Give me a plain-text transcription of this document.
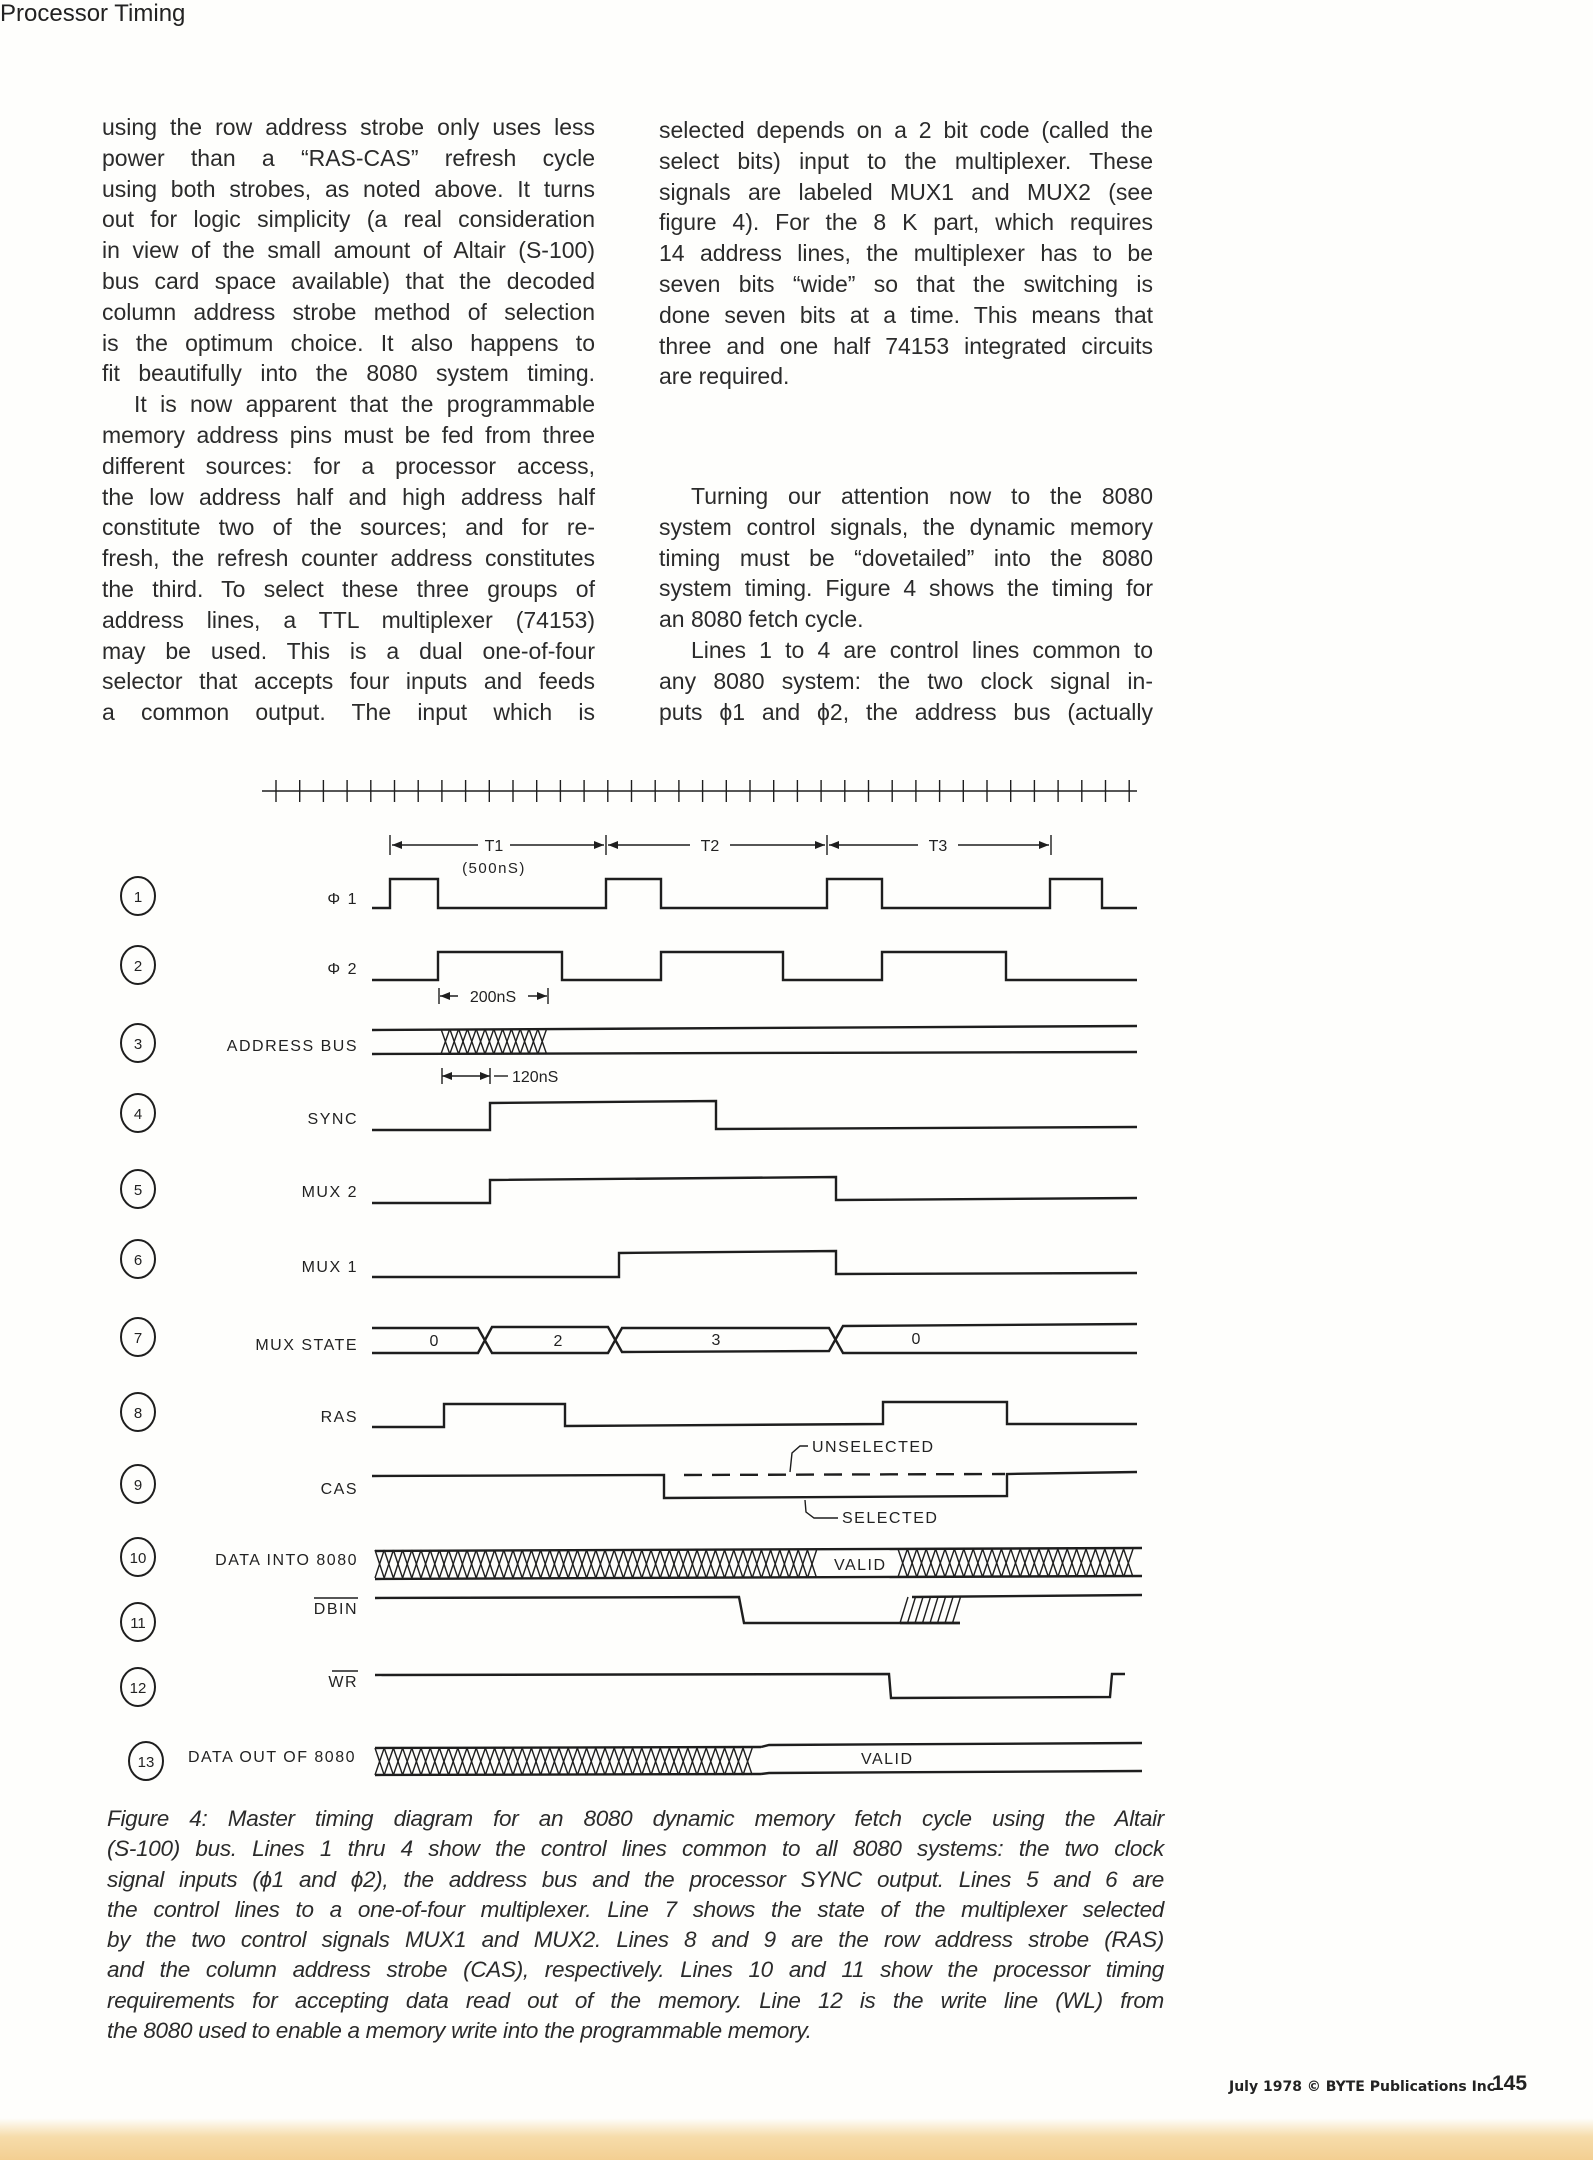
using the row address strobe only uses less
power than a “RAS-CAS” refresh cycle
using both strobes, as noted above. It turns
out for logic simplicity (a real consideration
in view of the small amount of Altair (S-100)
bus card space available) that the decoded
column address strobe method of selection
is the optimum choice. It also happens to
fit beautifully into the 8080 system timing.
It is now apparent that the programmable
memory address pins must be fed from three
different sources: for a processor access,
the low address half and high address half
constitute two of the sources; and for re-
fresh, the refresh counter address constitutes
the third. To select these three groups of
address lines, a TTL multiplexer (74153)
may be used. This is a dual one-of-four
selector that accepts four inputs and feeds
a common output. The input which is
selected depends on a 2 bit code (called the
select bits) input to the multiplexer. These
signals are labeled MUX1 and MUX2 (see
figure 4). For the 8 K part, which requires
14 address lines, the multiplexer has to be
seven bits “wide” so that the switching is
done seven bits at a time. This means that
three and one half 74153 integrated circuits
are required.
Processor Timing
Turning our attention now to the 8080
system control signals, the dynamic memory
timing must be “dovetailed” into the 8080
system timing. Figure 4 shows the timing for
an 8080 fetch cycle.
Lines 1 to 4 are control lines common to
any 8080 system: the two clock signal in-
puts ϕ1 and ϕ2, the address bus (actually
T1
(500nS)
T2	T3
1
2
3
4
5
6
7
8
9
10
11
12
13
Φ 1
Φ 2
ADDRESS BUS
SYNC
MUX 2
MUX 1
MUX STATE
RAS
CAS
DATA INTO 8080
DBIN
WR
DATA OUT OF 8080
200nS
120nS
0	2	3	0
UNSELECTED
SELECTED
VALID
VALID
Figure 4: Master timing diagram for an 8080 dynamic memory fetch cycle using the Altair
(S-100) bus. Lines 1 thru 4 show the control lines common to all 8080 systems: the two clock
signal inputs (ϕ1 and ϕ2), the address bus and the processor SYNC output. Lines 5 and 6 are
the control lines to a one-of-four multiplexer. Line 7 shows the state of the multiplexer selected
by the two control signals MUX1 and MUX2. Lines 8 and 9 are the row address strobe (RAS)
and the column address strobe (CAS), respectively. Lines 10 and 11 show the processor timing
requirements for accepting data read out of the memory. Line 12 is the write line (WL) from
the 8080 used to enable a memory write into the programmable memory.
July 1978 © BYTE Publications Inc
145
